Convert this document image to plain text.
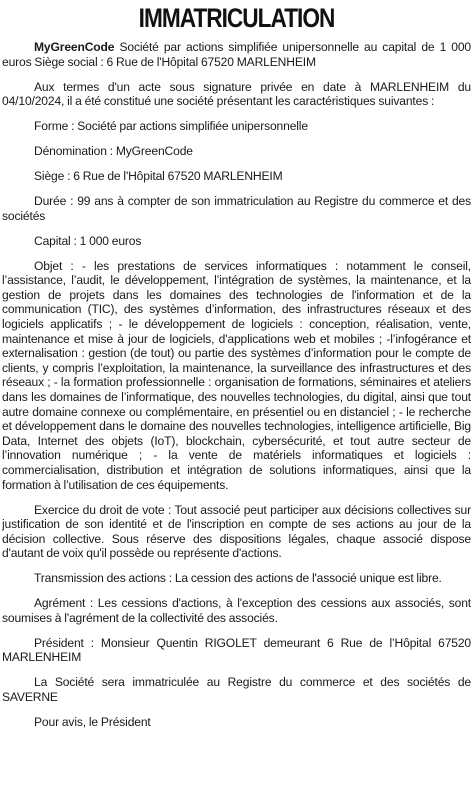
IMMATRICULATION

MyGreenCode Société par actions simplifiée unipersonnelle au capital de 1 000 euros Siège social : 6 Rue de l'Hôpital 67520 MARLENHEIM

Aux termes d'un acte sous signature privée en date à MARLENHEIM du 04/10/2024, il a été constitué une société présentant les caractéristiques suivantes :

Forme : Société par actions simplifiée unipersonnelle

Dénomination : MyGreenCode

Siège : 6 Rue de l'Hôpital 67520 MARLENHEIM

Durée : 99 ans à compter de son immatriculation au Registre du commerce et des sociétés

Capital : 1 000 euros

Objet : - les prestations de services informatiques : notamment le conseil, l’assistance, l’audit, le développement, l’intégration de systèmes, la maintenance, et la gestion de projets dans les domaines des technologies de l'information et de la communication (TIC), des systèmes d’information, des infrastructures réseaux et des logiciels applicatifs ; - le développement de logiciels : conception, réalisation, vente, maintenance et mise à jour de logiciels, d'applications web et mobiles ; -l’infogérance et externalisation : gestion (de tout) ou partie des systèmes d’information pour le compte de clients, y compris l’exploitation, la maintenance, la surveillance des infrastructures et des réseaux ; - la formation professionnelle : organisation de formations, séminaires et ateliers dans les domaines de l’informatique, des nouvelles technologies, du digital, ainsi que tout autre domaine connexe ou complémentaire, en présentiel ou en distanciel ; - le recherche et développement dans le domaine des nouvelles technologies, intelligence artificielle, Big Data, Internet des objets (IoT), blockchain, cybersécurité, et tout autre secteur de l’innovation numérique ; - la vente de matériels informatiques et logiciels : commercialisation, distribution et intégration de solutions informatiques, ainsi que la formation à l’utilisation de ces équipements.

Exercice du droit de vote : Tout associé peut participer aux décisions collectives sur justification de son identité et de l'inscription en compte de ses actions au jour de la décision collective. Sous réserve des dispositions légales, chaque associé dispose d'autant de voix qu'il possède ou représente d'actions.

Transmission des actions : La cession des actions de l'associé unique est libre.

Agrément : Les cessions d'actions, à l'exception des cessions aux associés, sont soumises à l'agrément de la collectivité des associés.

Président : Monsieur Quentin RIGOLET demeurant 6 Rue de l’Hôpital 67520 MARLENHEIM

La Société sera immatriculée au Registre du commerce et des sociétés de SAVERNE

Pour avis, le Président
